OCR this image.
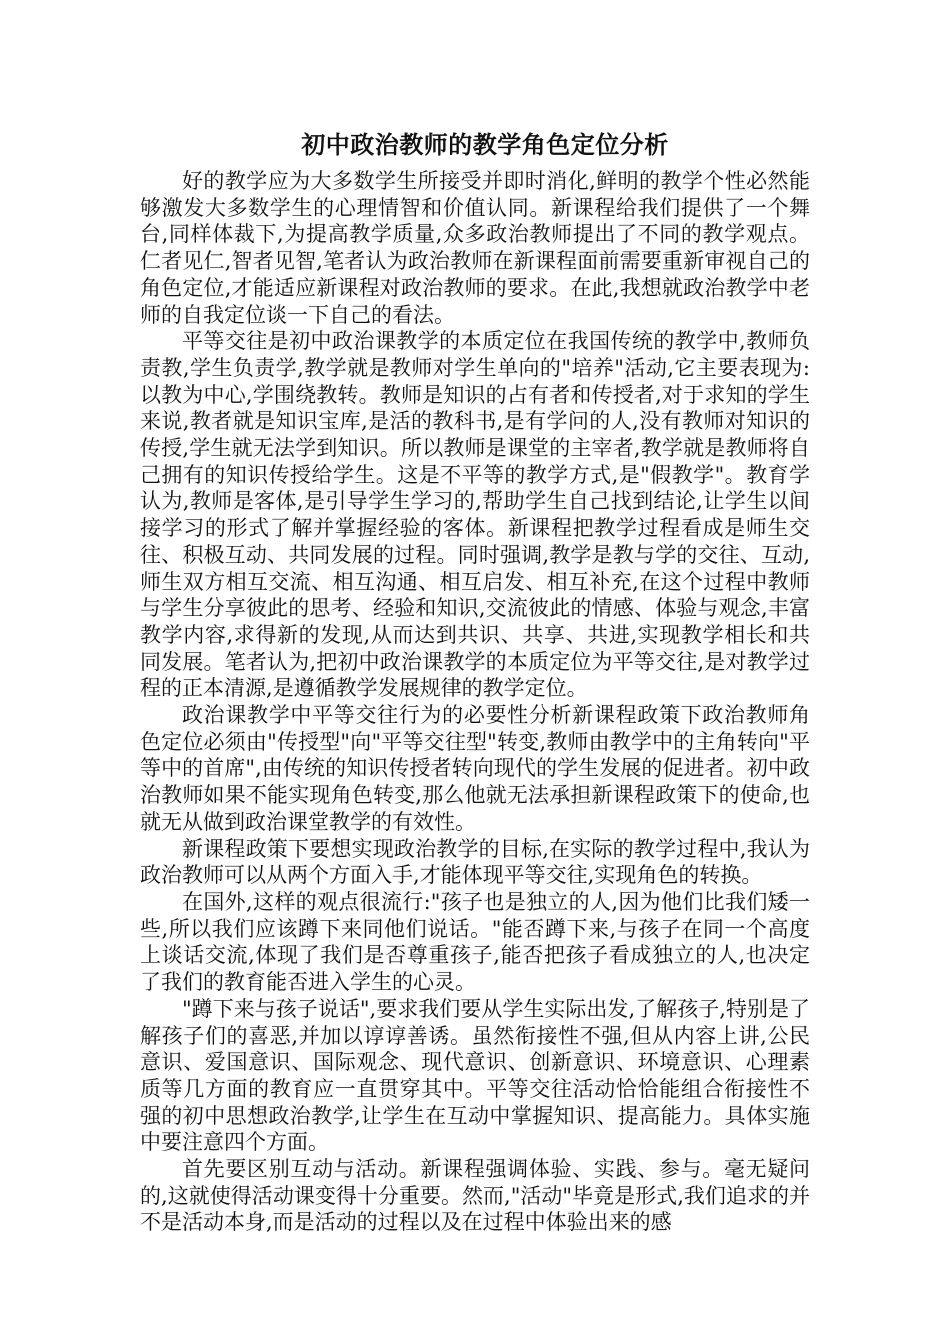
初中政治教师的教学角色定位分析

好的教学应为大多数学生所接受并即时消化,鲜明的教学个性必然能够激发大多数学生的心理情智和价值认同。新课程给我们提供了一个舞台,同样体裁下,为提高教学质量,众多政治教师提出了不同的教学观点。仁者见仁,智者见智,笔者认为政治教师在新课程面前需要重新审视自己的角色定位,才能适应新课程对政治教师的要求。在此,我想就政治教学中老师的自我定位谈一下自己的看法。

平等交往是初中政治课教学的本质定位在我国传统的教学中,教师负责教,学生负责学,教学就是教师对学生单向的"培养"活动,它主要表现为:以教为中心,学围绕教转。教师是知识的占有者和传授者,对于求知的学生来说,教者就是知识宝库,是活的教科书,是有学问的人,没有教师对知识的传授,学生就无法学到知识。所以教师是课堂的主宰者,教学就是教师将自己拥有的知识传授给学生。这是不平等的教学方式,是"假教学"。教育学认为,教师是客体,是引导学生学习的,帮助学生自己找到结论,让学生以间接学习的形式了解并掌握经验的客体。新课程把教学过程看成是师生交往、积极互动、共同发展的过程。同时强调,教学是教与学的交往、互动,师生双方相互交流、相互沟通、相互启发、相互补充,在这个过程中教师与学生分享彼此的思考、经验和知识,交流彼此的情感、体验与观念,丰富教学内容,求得新的发现,从而达到共识、共享、共进,实现教学相长和共同发展。笔者认为,把初中政治课教学的本质定位为平等交往,是对教学过程的正本清源,是遵循教学发展规律的教学定位。

政治课教学中平等交往行为的必要性分析新课程政策下政治教师角色定位必须由"传授型"向"平等交往型"转变,教师由教学中的主角转向"平等中的首席",由传统的知识传授者转向现代的学生发展的促进者。初中政治教师如果不能实现角色转变,那么他就无法承担新课程政策下的使命,也就无从做到政治课堂教学的有效性。

新课程政策下要想实现政治教学的目标,在实际的教学过程中,我认为政治教师可以从两个方面入手,才能体现平等交往,实现角色的转换。

在国外,这样的观点很流行:"孩子也是独立的人,因为他们比我们矮一些,所以我们应该蹲下来同他们说话。"能否蹲下来,与孩子在同一个高度上谈话交流,体现了我们是否尊重孩子,能否把孩子看成独立的人,也决定了我们的教育能否进入学生的心灵。

"蹲下来与孩子说话",要求我们要从学生实际出发,了解孩子,特别是了解孩子们的喜恶,并加以谆谆善诱。虽然衔接性不强,但从内容上讲,公民意识、爱国意识、国际观念、现代意识、创新意识、环境意识、心理素质等几方面的教育应一直贯穿其中。平等交往活动恰恰能组合衔接性不强的初中思想政治教学,让学生在互动中掌握知识、提高能力。具体实施中要注意四个方面。

首先要区别互动与活动。新课程强调体验、实践、参与。毫无疑问的,这就使得活动课变得十分重要。然而,"活动"毕竟是形式,我们追求的并不是活动本身,而是活动的过程以及在过程中体验出来的感
